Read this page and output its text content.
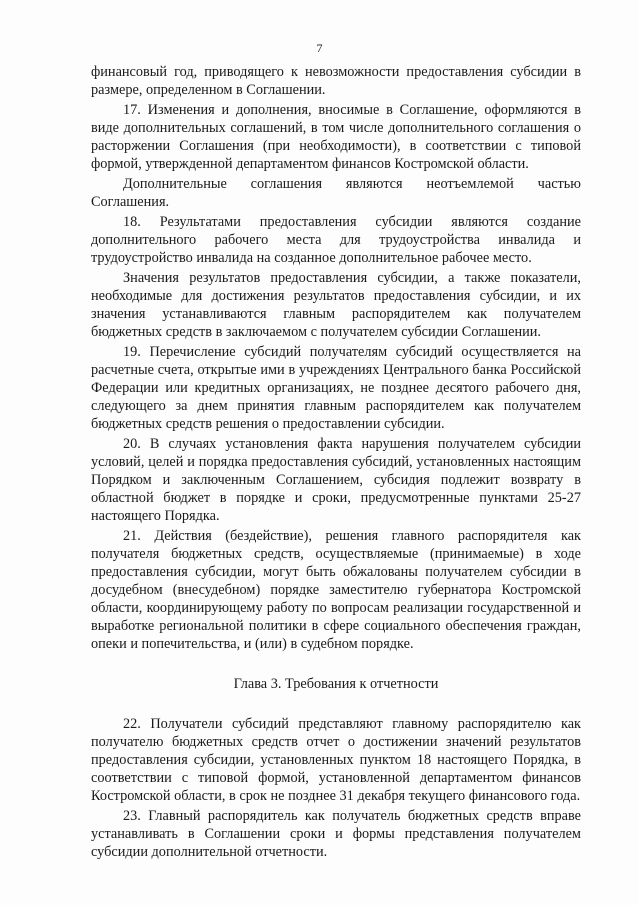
7

финансовый год, приводящего к невозможности предоставления субсидии в размере, определенном в Соглашении.

17. Изменения и дополнения, вносимые в Соглашение, оформляются в виде дополнительных соглашений, в том числе дополнительного соглашения о расторжении Соглашения (при необходимости), в соответствии с типовой формой, утвержденной департаментом финансов Костромской области.

Дополнительные соглашения являются неотъемлемой частью Соглашения.

18. Результатами предоставления субсидии являются создание дополнительного рабочего места для трудоустройства инвалида и трудоустройство инвалида на созданное дополнительное рабочее место.

Значения результатов предоставления субсидии, а также показатели, необходимые для достижения результатов предоставления субсидии, и их значения устанавливаются главным распорядителем как получателем бюджетных средств в заключаемом с получателем субсидии Соглашении.

19. Перечисление субсидий получателям субсидий осуществляется на расчетные счета, открытые ими в учреждениях Центрального банка Российской Федерации или кредитных организациях, не позднее десятого рабочего дня, следующего за днем принятия главным распорядителем как получателем бюджетных средств решения о предоставлении субсидии.

20. В случаях установления факта нарушения получателем субсидии условий, целей и порядка предоставления субсидий, установленных настоящим Порядком и заключенным Соглашением, субсидия подлежит возврату в областной бюджет в порядке и сроки, предусмотренные пунктами 25-27 настоящего Порядка.

21. Действия (бездействие), решения главного распорядителя как получателя бюджетных средств, осуществляемые (принимаемые) в ходе предоставления субсидии, могут быть обжалованы получателем субсидии в досудебном (внесудебном) порядке заместителю губернатора Костромской области, координирующему работу по вопросам реализации государственной и выработке региональной политики в сфере социального обеспечения граждан, опеки и попечительства, и (или) в судебном порядке.

Глава 3. Требования к отчетности

22. Получатели субсидий представляют главному распорядителю как получателю бюджетных средств отчет о достижении значений результатов предоставления субсидии, установленных пунктом 18 настоящего Порядка, в соответствии с типовой формой, установленной департаментом финансов Костромской области, в срок не позднее 31 декабря текущего финансового года.

23. Главный распорядитель как получатель бюджетных средств вправе устанавливать в Соглашении сроки и формы представления получателем субсидии дополнительной отчетности.
